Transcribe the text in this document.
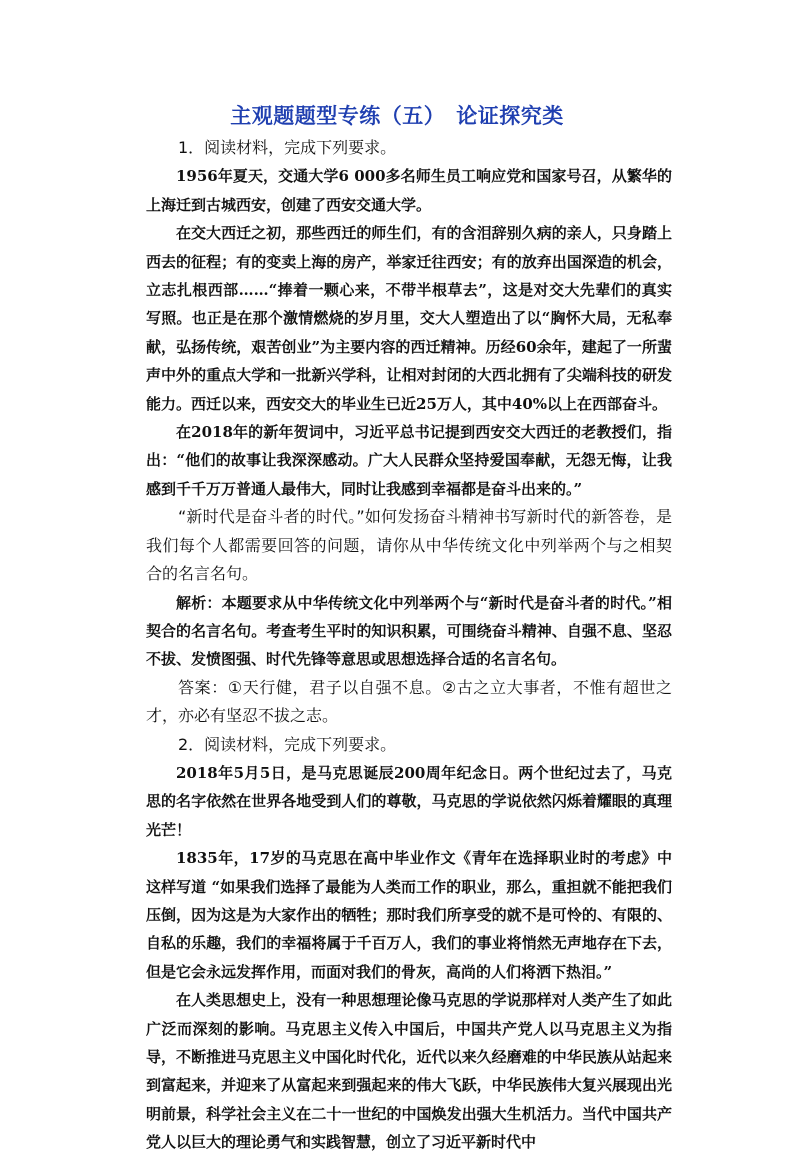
主观题题型专练（五）　论证探究类

1．阅读材料，完成下列要求。

1956年夏天，交通大学6 000多名师生员工响应党和国家号召，从繁华的上海迁到古城西安，创建了西安交通大学。

在交大西迁之初，那些西迁的师生们，有的含泪辞别久病的亲人，只身踏上西去的征程；有的变卖上海的房产，举家迁往西安；有的放弃出国深造的机会，立志扎根西部……“捧着一颗心来，不带半根草去”，这是对交大先辈们的真实写照。也正是在那个激情燃烧的岁月里，交大人塑造出了以“胸怀大局，无私奉献，弘扬传统，艰苦创业”为主要内容的西迁精神。历经60余年，建起了一所蜚声中外的重点大学和一批新兴学科，让相对封闭的大西北拥有了尖端科技的研发能力。西迁以来，西安交大的毕业生已近25万人，其中40%以上在西部奋斗。

在2018年的新年贺词中，习近平总书记提到西安交大西迁的老教授们，指出：“他们的故事让我深深感动。广大人民群众坚持爱国奉献，无怨无悔，让我感到千千万万普通人最伟大，同时让我感到幸福都是奋斗出来的。”

“新时代是奋斗者的时代。”如何发扬奋斗精神书写新时代的新答卷，是我们每个人都需要回答的问题，请你从中华传统文化中列举两个与之相契合的名言名句。

解析：本题要求从中华传统文化中列举两个与“新时代是奋斗者的时代。”相契合的名言名句。考查考生平时的知识积累，可围绕奋斗精神、自强不息、坚忍不拔、发愤图强、时代先锋等意思或思想选择合适的名言名句。

答案：①天行健，君子以自强不息。②古之立大事者，不惟有超世之才，亦必有坚忍不拔之志。

2．阅读材料，完成下列要求。

2018年5月5日，是马克思诞辰200周年纪念日。两个世纪过去了，马克思的名字依然在世界各地受到人们的尊敬，马克思的学说依然闪烁着耀眼的真理光芒！

1835年，17岁的马克思在高中毕业作文《青年在选择职业时的考虑》中这样写道 “如果我们选择了最能为人类而工作的职业，那么，重担就不能把我们压倒，因为这是为大家作出的牺牲；那时我们所享受的就不是可怜的、有限的、自私的乐趣，我们的幸福将属于千百万人，我们的事业将悄然无声地存在下去，但是它会永远发挥作用，而面对我们的骨灰，高尚的人们将洒下热泪。”

在人类思想史上，没有一种思想理论像马克思的学说那样对人类产生了如此广泛而深刻的影响。马克思主义传入中国后，中国共产党人以马克思主义为指导，不断推进马克思主义中国化时代化，近代以来久经磨难的中华民族从站起来到富起来，并迎来了从富起来到强起来的伟大飞跃，中华民族伟大复兴展现出光明前景，科学社会主义在二十一世纪的中国焕发出强大生机活力。当代中国共产党人以巨大的理论勇气和实践智慧，创立了习近平新时代中
